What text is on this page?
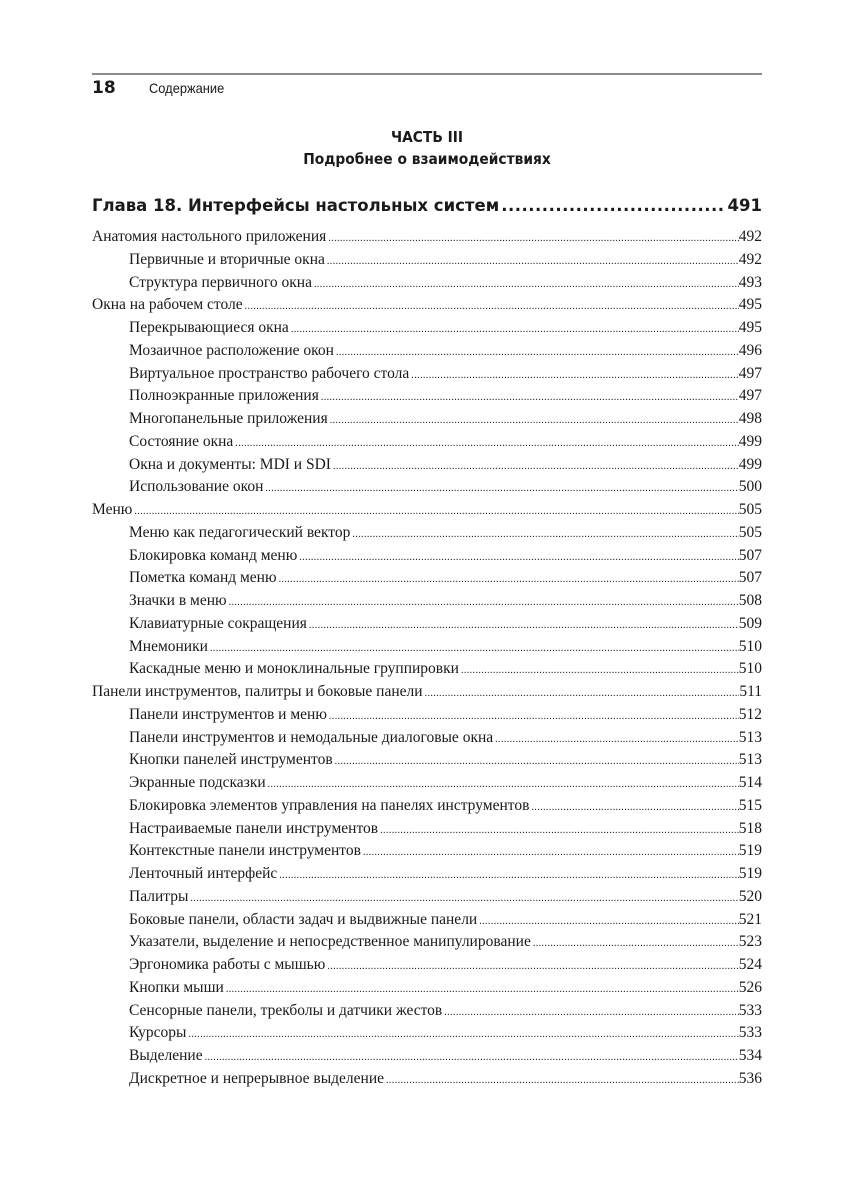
18	Содержание
ЧАСТЬ III
Подробнее о взаимодействиях
Глава 18. Интерфейсы настольных систем .....	491
Анатомия настольного приложения .....	492
Первичные и вторичные окна .....	492
Структура первичного окна .....	493
Окна на рабочем столе .....	495
Перекрывающиеся окна .....	495
Мозаичное расположение окон .....	496
Виртуальное пространство рабочего стола .....	497
Полноэкранные приложения .....	497
Многопанельные приложения .....	498
Состояние окна .....	499
Окна и документы: MDI и SDI .....	499
Использование окон .....	500
Меню .....	505
Меню как педагогический вектор .....	505
Блокировка команд меню .....	507
Пометка команд меню .....	507
Значки в меню .....	508
Клавиатурные сокращения .....	509
Мнемоники .....	510
Каскадные меню и моноклинальные группировки .....	510
Панели инструментов, палитры и боковые панели .....	511
Панели инструментов и меню .....	512
Панели инструментов и немодальные диалоговые окна .....	513
Кнопки панелей инструментов .....	513
Экранные подсказки .....	514
Блокировка элементов управления на панелях инструментов .....	515
Настраиваемые панели инструментов .....	518
Контекстные панели инструментов .....	519
Ленточный интерфейс .....	519
Палитры .....	520
Боковые панели, области задач и выдвижные панели .....	521
Указатели, выделение и непосредственное манипулирование .....	523
Эргономика работы с мышью .....	524
Кнопки мыши .....	526
Сенсорные панели, трекболы и датчики жестов .....	533
Курсоры .....	533
Выделение .....	534
Дискретное и непрерывное выделение .....	536
